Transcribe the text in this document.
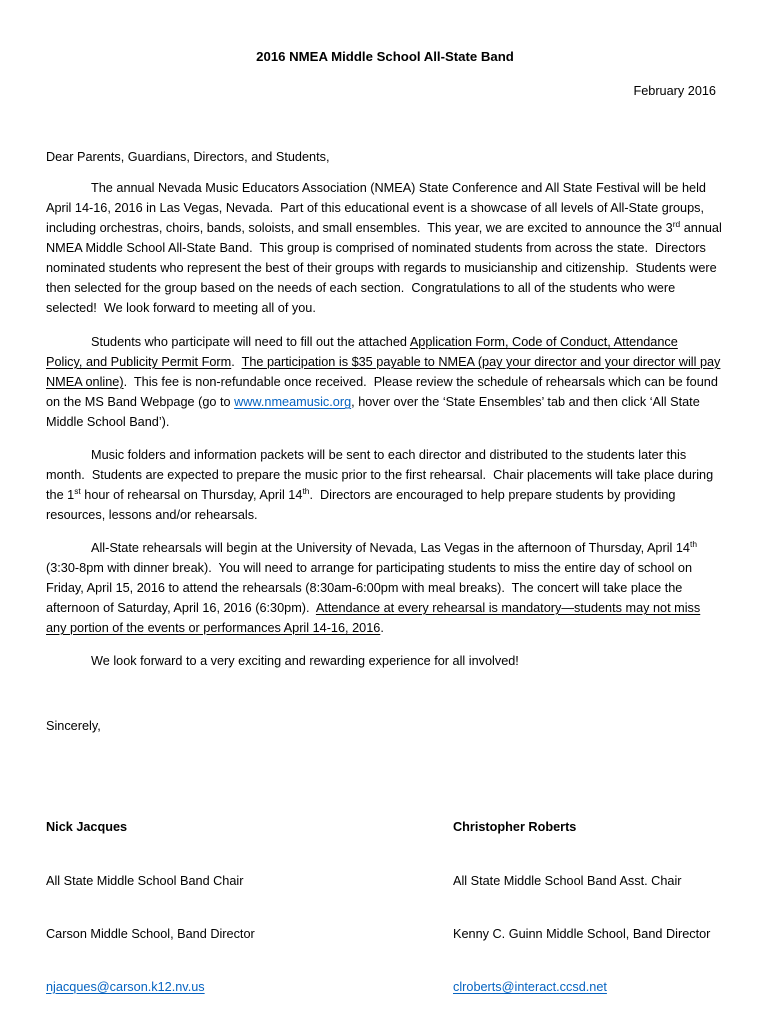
2016 NMEA Middle School All-State Band
February 2016
Dear Parents, Guardians, Directors, and Students,
The annual Nevada Music Educators Association (NMEA) State Conference and All State Festival will be held
April 14-16, 2016 in Las Vegas, Nevada.  Part of this educational event is a showcase of all levels of All-State groups,
including orchestras, choirs, bands, soloists, and small ensembles.  This year, we are excited to announce the 3rd annual
NMEA Middle School All-State Band.  This group is comprised of nominated students from across the state.  Directors
nominated students who represent the best of their groups with regards to musicianship and citizenship.  Students were
then selected for the group based on the needs of each section.  Congratulations to all of the students who were
selected!  We look forward to meeting all of you.
Students who participate will need to fill out the attached Application Form, Code of Conduct, Attendance
Policy, and Publicity Permit Form.  The participation is $35 payable to NMEA (pay your director and your director will pay
NMEA online).  This fee is non-refundable once received.  Please review the schedule of rehearsals which can be found
on the MS Band Webpage (go to www.nmeamusic.org, hover over the ‘State Ensembles’ tab and then click ‘All State
Middle School Band’).
Music folders and information packets will be sent to each director and distributed to the students later this
month.  Students are expected to prepare the music prior to the first rehearsal.  Chair placements will take place during
the 1st hour of rehearsal on Thursday, April 14th.  Directors are encouraged to help prepare students by providing
resources, lessons and/or rehearsals.
All-State rehearsals will begin at the University of Nevada, Las Vegas in the afternoon of Thursday, April 14th
(3:30-8pm with dinner break).  You will need to arrange for participating students to miss the entire day of school on
Friday, April 15, 2016 to attend the rehearsals (8:30am-6:00pm with meal breaks).  The concert will take place the
afternoon of Saturday, April 16, 2016 (6:30pm).  Attendance at every rehearsal is mandatory—students may not miss
any portion of the events or performances April 14-16, 2016.
We look forward to a very exciting and rewarding experience for all involved!
Sincerely,

Nick Jacques

All State Middle School Band Chair

Carson Middle School, Band Director

njacques@carson.k12.nv.us

Christopher Roberts

All State Middle School Band Asst. Chair

Kenny C. Guinn Middle School, Band Director

clroberts@interact.ccsd.net
